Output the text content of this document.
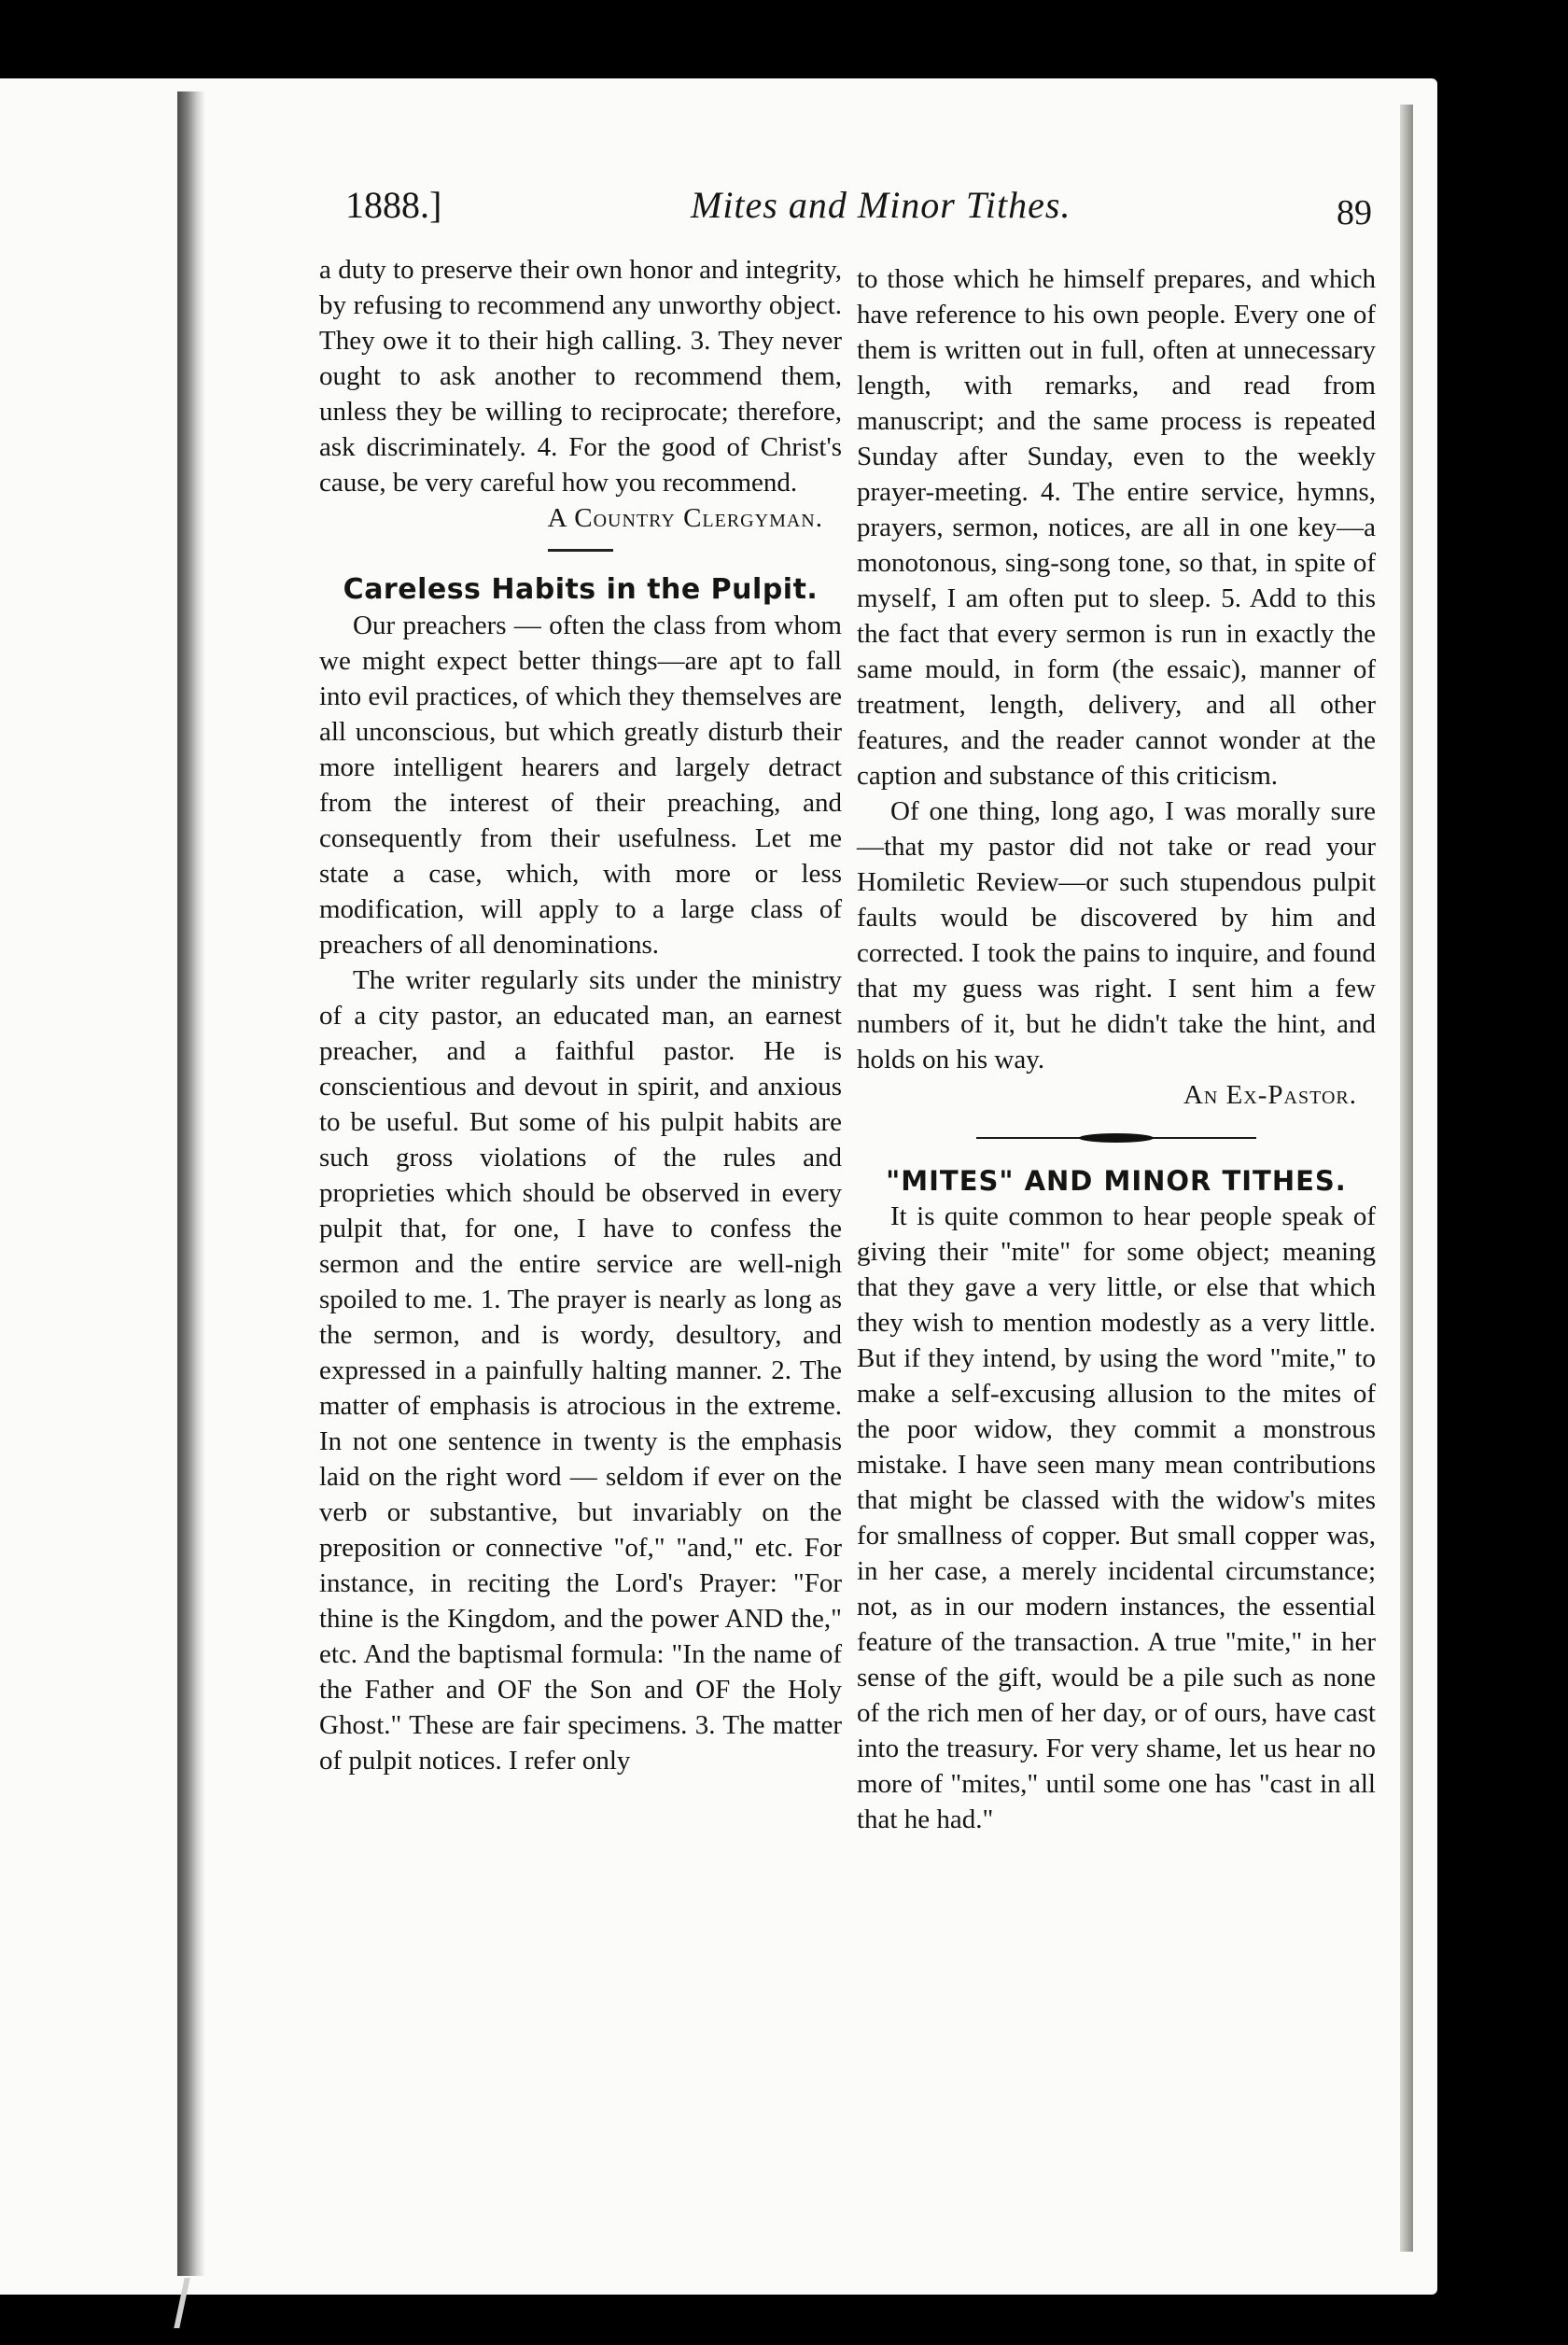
1888.]	Mites and Minor Tithes.	89

a duty to preserve their own honor and integrity, by refusing to recommend any unworthy object. They owe it to their high calling. 3. They never ought to ask another to recommend them, unless they be willing to reciprocate; therefore, ask discriminately. 4. For the good of Christ's cause, be very careful how you recommend.

A Country Clergyman.

Careless Habits in the Pulpit.

Our preachers — often the class from whom we might expect better things—are apt to fall into evil practices, of which they themselves are all unconscious, but which greatly disturb their more intelligent hearers and largely detract from the interest of their preaching, and consequently from their usefulness. Let me state a case, which, with more or less modification, will apply to a large class of preachers of all denominations.

The writer regularly sits under the ministry of a city pastor, an educated man, an earnest preacher, and a faithful pastor. He is conscientious and devout in spirit, and anxious to be useful. But some of his pulpit habits are such gross violations of the rules and proprieties which should be observed in every pulpit that, for one, I have to confess the sermon and the entire service are well-nigh spoiled to me. 1. The prayer is nearly as long as the sermon, and is wordy, desultory, and expressed in a painfully halting manner. 2. The matter of emphasis is atrocious in the extreme. In not one sentence in twenty is the emphasis laid on the right word — seldom if ever on the verb or substantive, but invariably on the preposition or connective "of," "and," etc. For instance, in reciting the Lord's Prayer: "For thine is the Kingdom, and the power AND the," etc. And the baptismal formula: "In the name of the Father and OF the Son and OF the Holy Ghost." These are fair specimens. 3. The matter of pulpit notices. I refer only

to those which he himself prepares, and which have reference to his own people. Every one of them is written out in full, often at unnecessary length, with remarks, and read from manuscript; and the same process is repeated Sunday after Sunday, even to the weekly prayer-meeting. 4. The entire service, hymns, prayers, sermon, notices, are all in one key—a monotonous, sing-song tone, so that, in spite of myself, I am often put to sleep. 5. Add to this the fact that every sermon is run in exactly the same mould, in form (the essaic), manner of treatment, length, delivery, and all other features, and the reader cannot wonder at the caption and substance of this criticism.

Of one thing, long ago, I was morally sure—that my pastor did not take or read your Homiletic Review—or such stupendous pulpit faults would be discovered by him and corrected. I took the pains to inquire, and found that my guess was right. I sent him a few numbers of it, but he didn't take the hint, and holds on his way.

An Ex-Pastor.

"MITES" AND MINOR TITHES.

It is quite common to hear people speak of giving their "mite" for some object; meaning that they gave a very little, or else that which they wish to mention modestly as a very little. But if they intend, by using the word "mite," to make a self-excusing allusion to the mites of the poor widow, they commit a monstrous mistake. I have seen many mean contributions that might be classed with the widow's mites for smallness of copper. But small copper was, in her case, a merely incidental circumstance; not, as in our modern instances, the essential feature of the transaction. A true "mite," in her sense of the gift, would be a pile such as none of the rich men of her day, or of ours, have cast into the treasury. For very shame, let us hear no more of "mites," until some one has "cast in all that he had."
